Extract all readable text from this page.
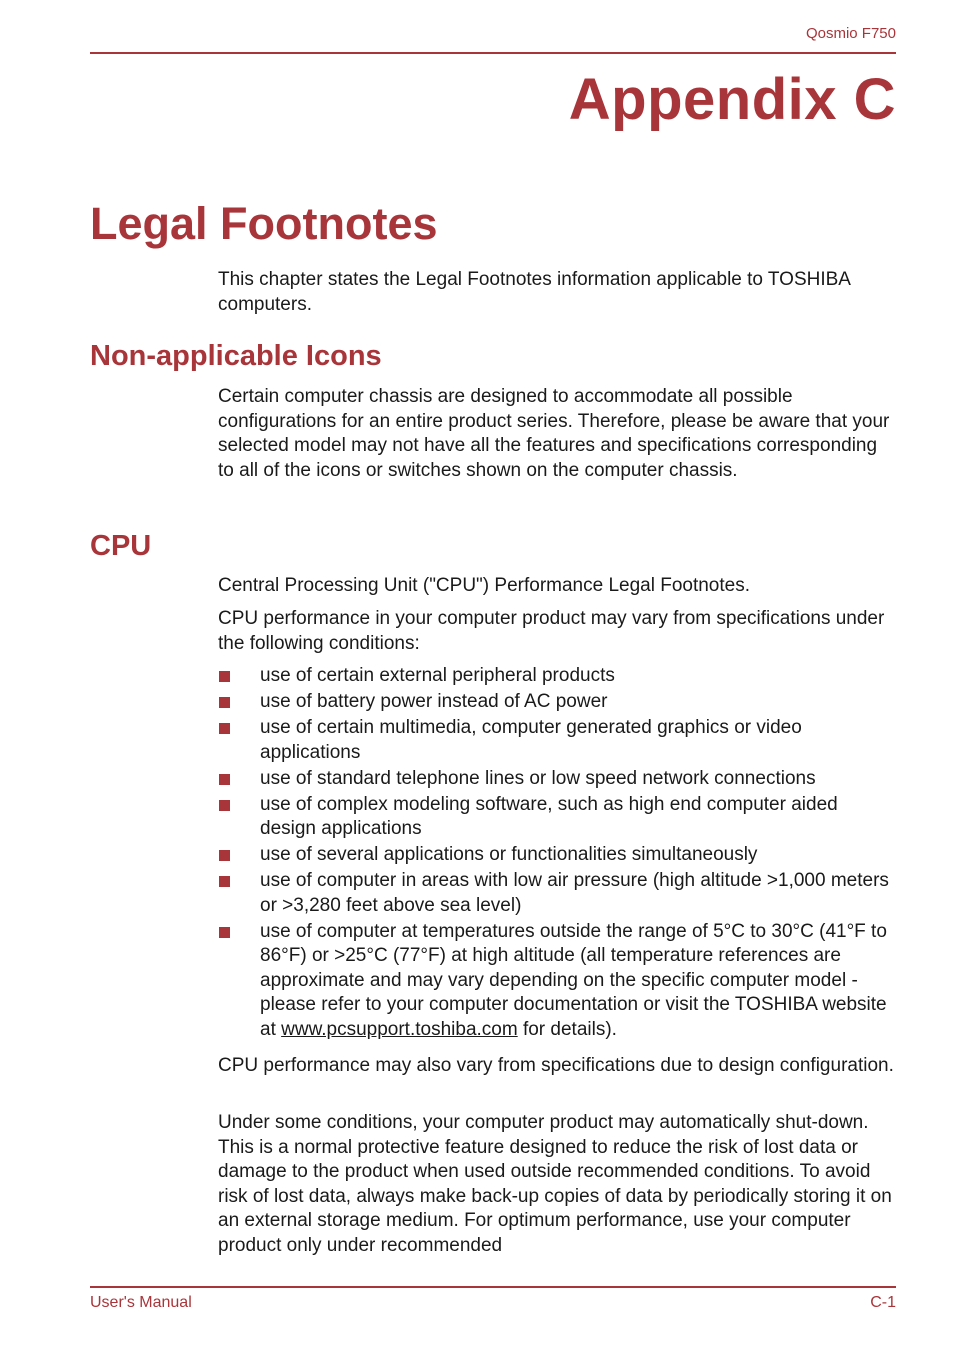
Qosmio F750
Appendix C
Legal Footnotes

This chapter states the Legal Footnotes information applicable to TOSHIBA computers.

Non-applicable Icons

Certain computer chassis are designed to accommodate all possible configurations for an entire product series. Therefore, please be aware that your selected model may not have all the features and specifications corresponding to all of the icons or switches shown on the computer chassis.

CPU

Central Processing Unit ("CPU") Performance Legal Footnotes.

CPU performance in your computer product may vary from specifications under the following conditions:

use of certain external peripheral products
use of battery power instead of AC power
use of certain multimedia, computer generated graphics or video applications
use of standard telephone lines or low speed network connections
use of complex modeling software, such as high end computer aided design applications
use of several applications or functionalities simultaneously
use of computer in areas with low air pressure (high altitude >1,000 meters or >3,280 feet above sea level)
use of computer at temperatures outside the range of 5°C to 30°C (41°F to 86°F) or >25°C (77°F) at high altitude (all temperature references are approximate and may vary depending on the specific computer model - please refer to your computer documentation or visit the TOSHIBA website at www.pcsupport.toshiba.com for details).

CPU performance may also vary from specifications due to design configuration.

Under some conditions, your computer product may automatically shut-down. This is a normal protective feature designed to reduce the risk of lost data or damage to the product when used outside recommended conditions. To avoid risk of lost data, always make back-up copies of data by periodically storing it on an external storage medium. For optimum performance, use your computer product only under recommended

User's Manual	C-1
